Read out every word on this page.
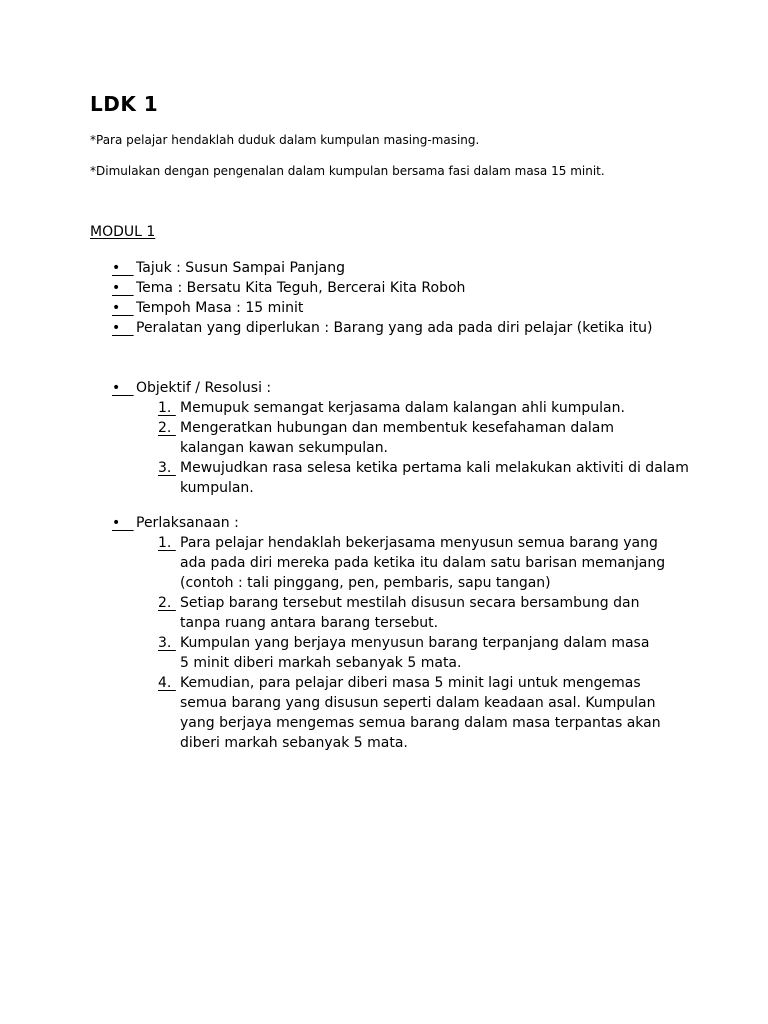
LDK 1
*Para pelajar hendaklah duduk dalam kumpulan masing-masing.
*Dimulakan dengan pengenalan dalam kumpulan bersama fasi dalam masa 15 minit.
MODUL 1
• Tajuk : Susun Sampai Panjang
• Tema : Bersatu Kita Teguh, Bercerai Kita Roboh
• Tempoh Masa : 15 minit
• Peralatan yang diperlukan : Barang yang ada pada diri pelajar (ketika itu)
• Objektif / Resolusi :
1. Memupuk semangat kerjasama dalam kalangan ahli kumpulan.
2. Mengeratkan hubungan dan membentuk kesefahaman dalam kalangan kawan sekumpulan.
3. Mewujudkan rasa selesa ketika pertama kali melakukan aktiviti di dalam kumpulan.
• Perlaksanaan :
1. Para pelajar hendaklah bekerjasama menyusun semua barang yang ada pada diri mereka pada ketika itu dalam satu barisan memanjang (contoh : tali pinggang, pen, pembaris, sapu tangan)
2. Setiap barang tersebut mestilah disusun secara bersambung dan tanpa ruang antara barang tersebut.
3. Kumpulan yang berjaya menyusun barang terpanjang dalam masa 5 minit diberi markah sebanyak 5 mata.
4. Kemudian, para pelajar diberi masa 5 minit lagi untuk mengemas semua barang yang disusun seperti dalam keadaan asal. Kumpulan yang berjaya mengemas semua barang dalam masa terpantas akan diberi markah sebanyak 5 mata.
